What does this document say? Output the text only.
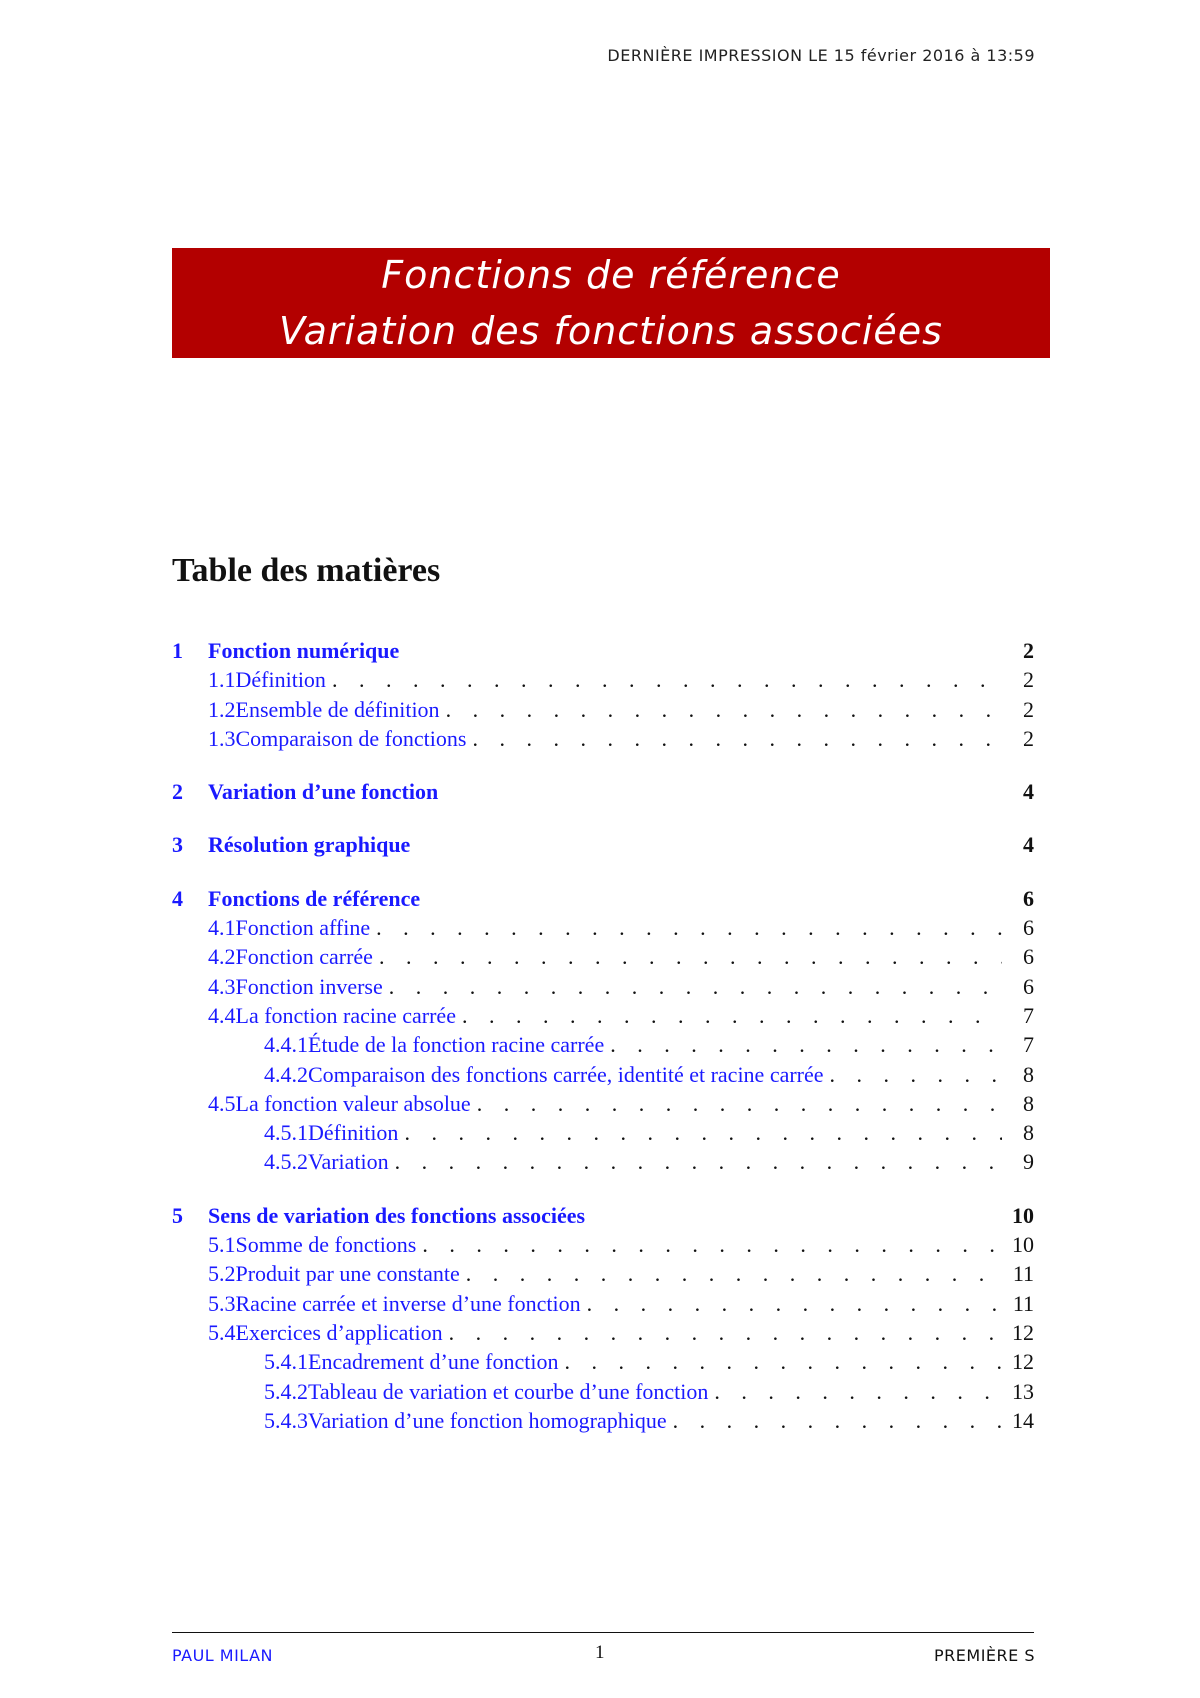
DERNIÈRE IMPRESSION LE 15 février 2016 à 13:59
Fonctions de référence
Variation des fonctions associées
Table des matières
1	Fonction numérique	2
1.1 Définition . . .	2
1.2 Ensemble de définition . . .	2
1.3 Comparaison de fonctions . . .	2
2	Variation d’une fonction	4
3	Résolution graphique	4
4	Fonctions de référence	6
4.1 Fonction affine . . .	6
4.2 Fonction carrée . . .	6
4.3 Fonction inverse . . .	6
4.4 La fonction racine carrée . . .	7
4.4.1 Étude de la fonction racine carrée . . .	7
4.4.2 Comparaison des fonctions carrée, identité et racine carrée . . .	8
4.5 La fonction valeur absolue . . .	8
4.5.1 Définition . . .	8
4.5.2 Variation . . .	9
5	Sens de variation des fonctions associées	10
5.1 Somme de fonctions . . .	10
5.2 Produit par une constante . . .	11
5.3 Racine carrée et inverse d’une fonction . . .	11
5.4 Exercices d’application . . .	12
5.4.1 Encadrement d’une fonction . . .	12
5.4.2 Tableau de variation et courbe d’une fonction . . .	13
5.4.3 Variation d’une fonction homographique . . .	14
PAUL MILAN	1	PREMIÈRE S
